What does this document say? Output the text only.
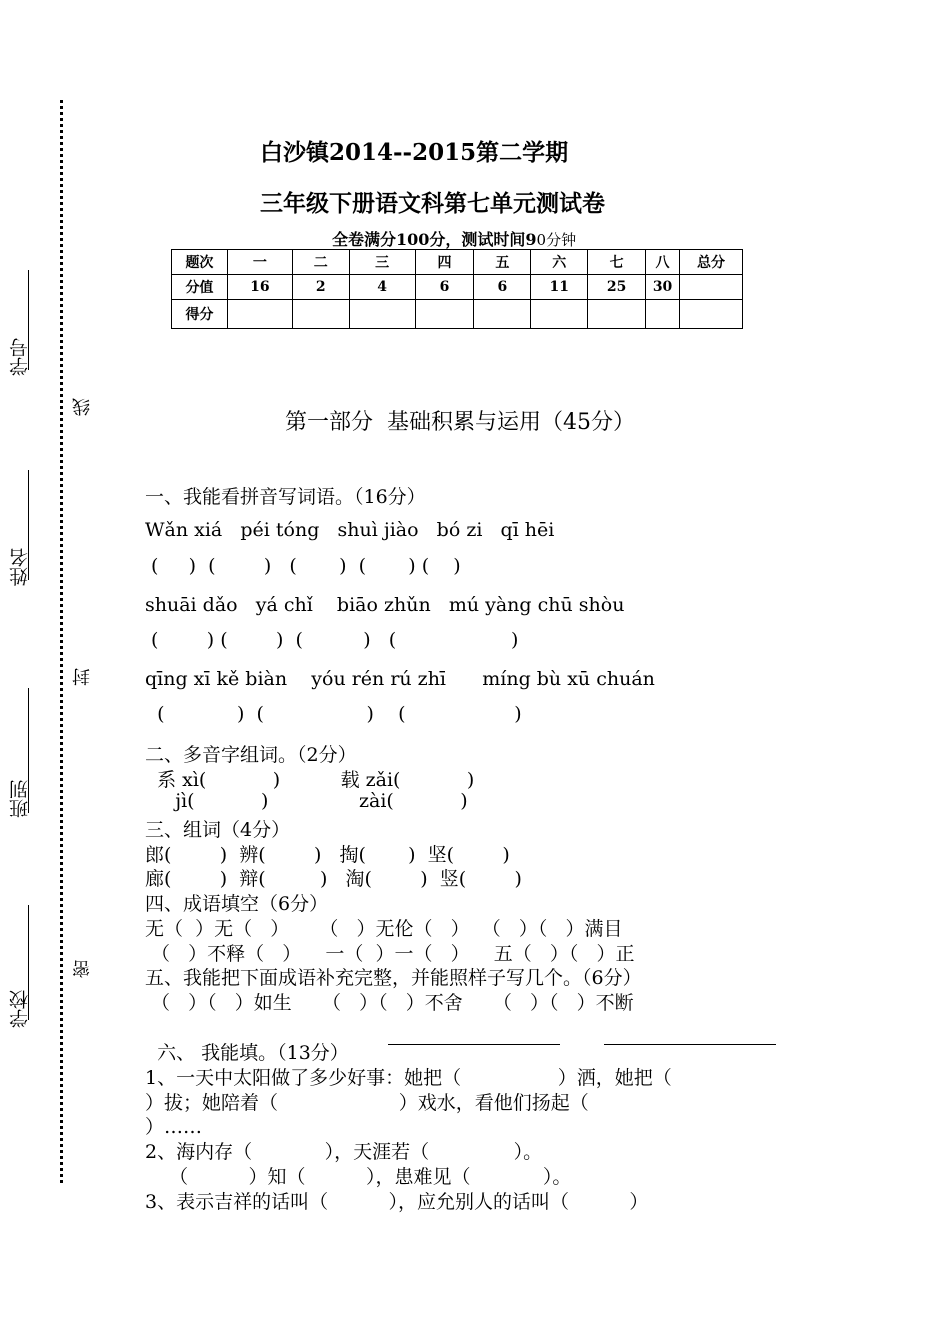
学号
姓名
班别
学校
线
封
密
白沙镇2014--2015第二学期
三年级下册语文科第七单元测试卷
全卷满分100分，测试时间90分钟
题次	一	二	三	四	五	六	七	八	总分
分值	16	2	4	6	6	11	25	30	
得分									
第一部分  基础积累与运用（45分）
一、我能看拼音写词语。（16分）
Wǎn xiá   péi tóng   shuì jiào   bó zi   qī hēi
(     )  (        )   (       )  (       ) (    )
shuāi dǎo   yá chǐ    biāo zhǔn   mú yàng chū shòu
(        ) (        )  (          )   (                   )
qīng xī kě biàn    yóu rén rú zhī      míng bù xū chuán
(            )  (                 )    (                  )
二、多音字组词。（2分）
系 xì(           )          载 zǎi(           )
jì(           )               zài(           )
三、组词（4分）
郎(        )  辨(        )   掏(       )  坚(        )
廊(        )  辩(         )   淘(        )  竖(        )
四、成语填空（6分）
无（  ）无（   ）     （   ）无伦（   ）  （   ）（   ）满目
（   ）不释（   ）    一（  ）一（   ）    五（   ）（   ）正
五、我能把下面成语补充完整，并能照样子写几个。（6分）
（   ）（   ）如生     （   ）（   ）不舍     （   ）（   ）不断
六、 我能填。（13分）
1、一天中太阳做了多少好事：她把（                ）洒，她把（
）拔；她陪着（                    ）戏水，看他们扬起（
）……
2、海内存（            ），天涯若（              ）。
（          ）知（          ），患难见（            ）。
3、表示吉祥的话叫（          ），应允别人的话叫（          ）
